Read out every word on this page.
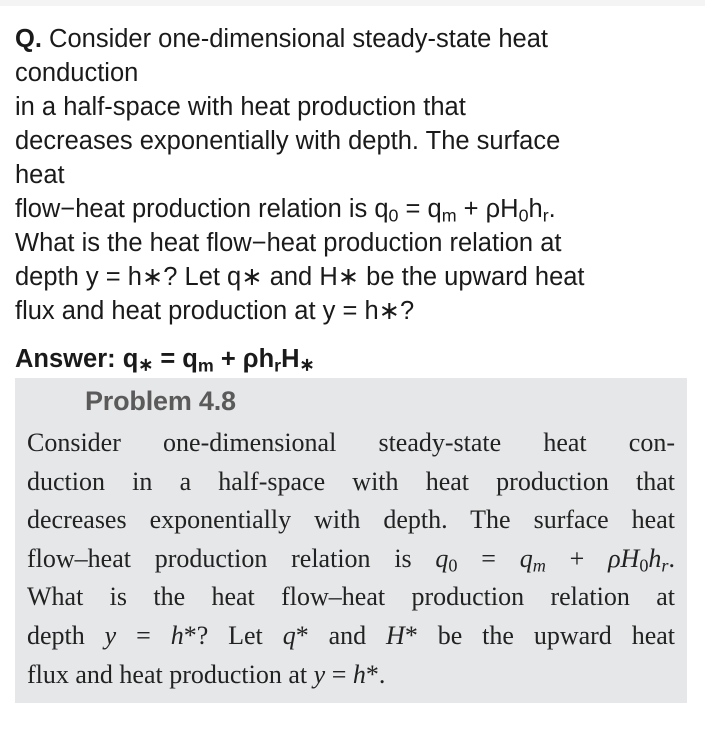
Q. Consider one-dimensional steady-state heat
conduction
in a half-space with heat production that
decreases exponentially with depth. The surface
heat
flow−heat production relation is $q_0 = q_m + \rho H_0h_r$.
What is the heat flow−heat production relation at
depth y = h∗? Let q∗ and H∗ be the upward heat
flux and heat production at y = h∗?
Answer: q∗ = $q_m$ + $\rho h_rH∗$
Problem 4.8
Consider one-dimensional steady-state heat con-
duction in a half-space with heat production that
decreases exponentially with depth. The surface heat
flow–heat production relation is $q_0 = q_m + \rho H_0h_r$.
What is the heat flow–heat production relation at
depth y = h*? Let q* and H* be the upward heat
flux and heat production at y = h*.
